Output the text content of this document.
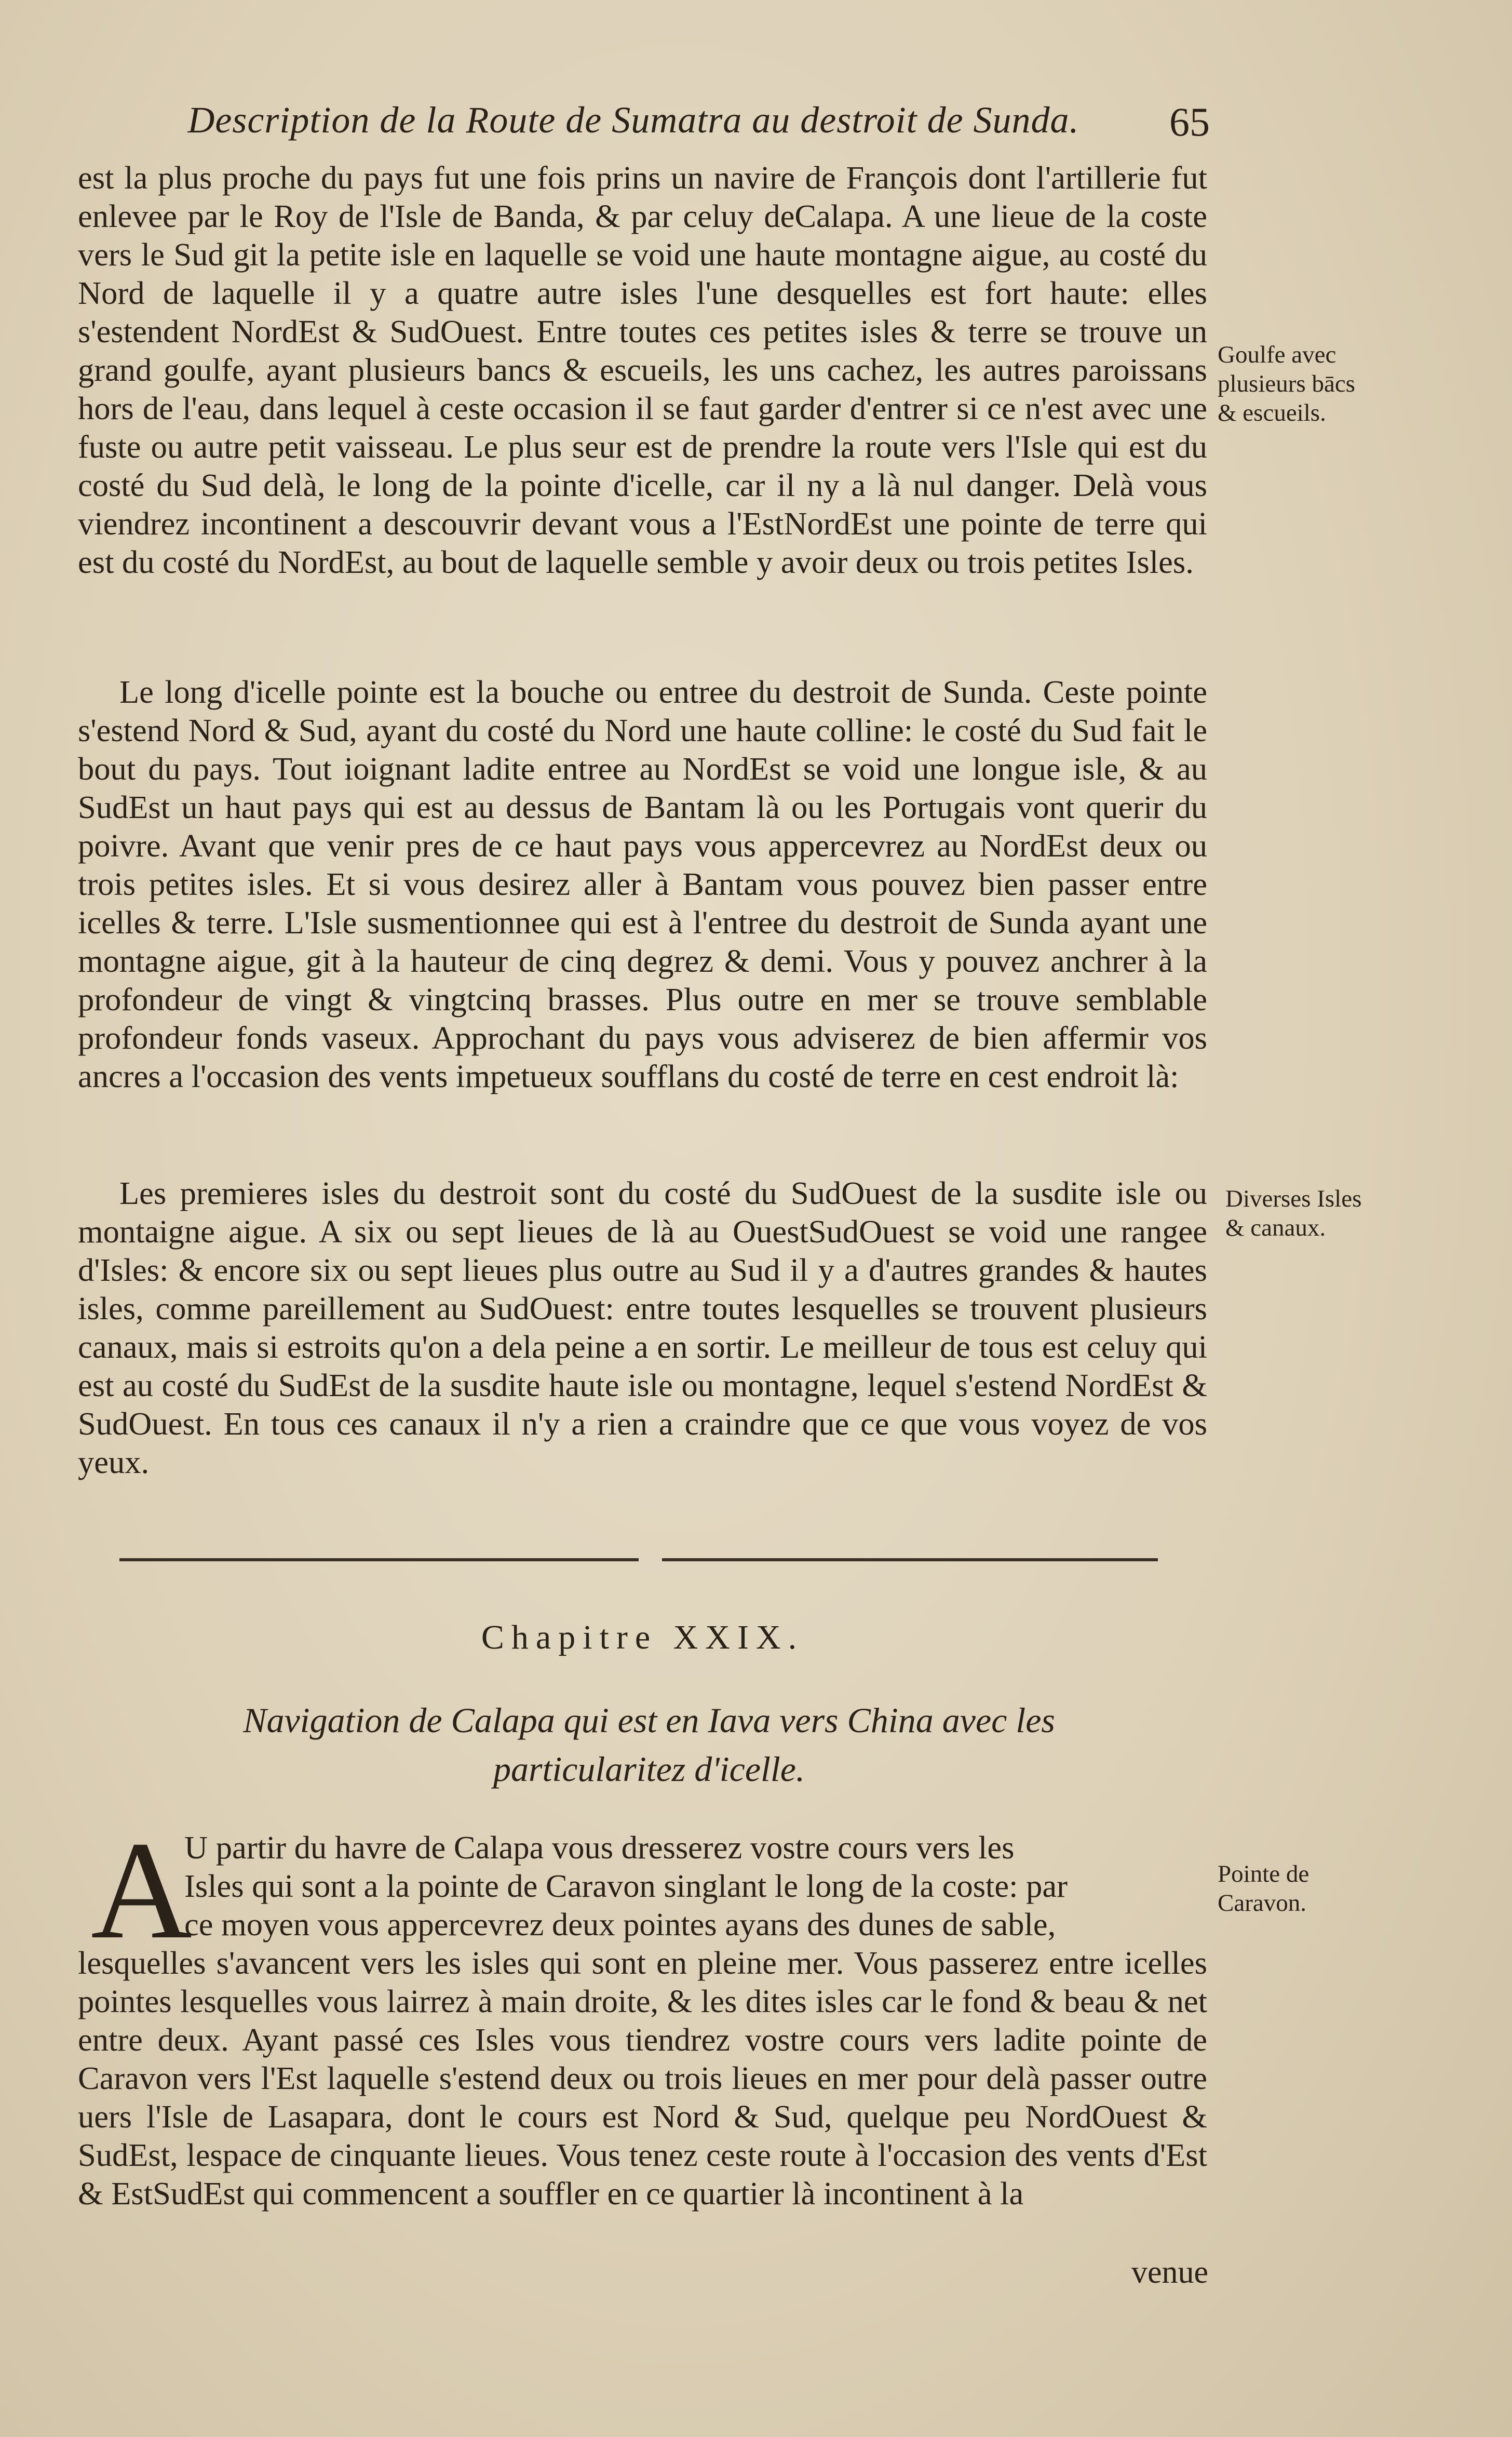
Description de la Route de Sumatra au destroit de Sunda.	65
est la plus proche du pays fut une fois prins un navire de François dont l'artillerie fut enlevee par le Roy de l'Isle de Banda, & par celuy deCalapa. A une lieue de la coste vers le Sud git la petite isle en laquelle se void une haute montagne aigue, au costé du Nord de laquelle il y a quatre autre isles l'une desquelles est fort haute: elles s'estendent NordEst & SudOuest. Entre toutes ces petites isles & terre se trouve un grand goulfe, ayant plusieurs bancs & escueils, les uns cachez, les autres paroissans hors de l'eau, dans lequel à ceste occasion il se faut garder d'entrer si ce n'est avec une fuste ou autre petit vaisseau. Le plus seur est de prendre la route vers l'Isle qui est du costé du Sud delà, le long de la pointe d'icelle, car il ny a là nul danger. Delà vous viendrez incontinent a descouvrir devant vous a l'EstNordEst une pointe de terre qui est du costé du NordEst, au bout de laquelle semble y avoir deux ou trois petites Isles.
Le long d'icelle pointe est la bouche ou entree du destroit de Sunda. Ceste pointe s'estend Nord & Sud, ayant du costé du Nord une haute colline: le costé du Sud fait le bout du pays. Tout ioignant ladite entree au NordEst se void une longue isle, & au SudEst un haut pays qui est au dessus de Bantam là ou les Portugais vont querir du poivre. Avant que venir pres de ce haut pays vous appercevrez au NordEst deux ou trois petites isles. Et si vous desirez aller à Bantam vous pouvez bien passer entre icelles & terre. L'Isle susmentionnee qui est à l'entree du destroit de Sunda ayant une montagne aigue, git à la hauteur de cinq degrez & demi. Vous y pouvez anchrer à la profondeur de vingt & vingtcinq brasses. Plus outre en mer se trouve semblable profondeur fonds vaseux. Approchant du pays vous adviserez de bien affermir vos ancres a l'occasion des vents impetueux soufflans du costé de terre en cest endroit là:
Les premieres isles du destroit sont du costé du SudOuest de la susdite isle ou montaigne aigue. A six ou sept lieues de là au OuestSudOuest se void une rangee d'Isles: & encore six ou sept lieues plus outre au Sud il y a d'autres grandes & hautes isles, comme pareillement au SudOuest: entre toutes lesquelles se trouvent plusieurs canaux, mais si estroits qu'on a dela peine a en sortir. Le meilleur de tous est celuy qui est au costé du SudEst de la susdite haute isle ou montagne, lequel s'estend NordEst & SudOuest. En tous ces canaux il n'y a rien a craindre que ce que vous voyez de vos yeux.
Goulfe avec plusieurs bācs & escueils.
Diverses Isles & canaux.
Pointe de Caravon.
Chapitre XXIX.
Navigation de Calapa qui est en Iava vers China avec les particularitez d'icelle.
A
U partir du havre de Calapa vous dresserez vostre cours vers les
Isles qui sont a la pointe de Caravon singlant le long de la coste: par
ce moyen vous appercevrez deux pointes ayans des dunes de sable,
lesquelles s'avancent vers les isles qui sont en pleine mer. Vous passerez entre icelles pointes lesquelles vous lairrez à main droite, & les dites isles car le fond & beau & net entre deux. Ayant passé ces Isles vous tiendrez vostre cours vers ladite pointe de Caravon vers l'Est laquelle s'estend deux ou trois lieues en mer pour delà passer outre uers l'Isle de Lasapara, dont le cours est Nord & Sud, quelque peu NordOuest & SudEst, lespace de cinquante lieues. Vous tenez ceste route à l'occasion des vents d'Est & EstSudEst qui commencent a souffler en ce quartier là incontinent à la
venue
